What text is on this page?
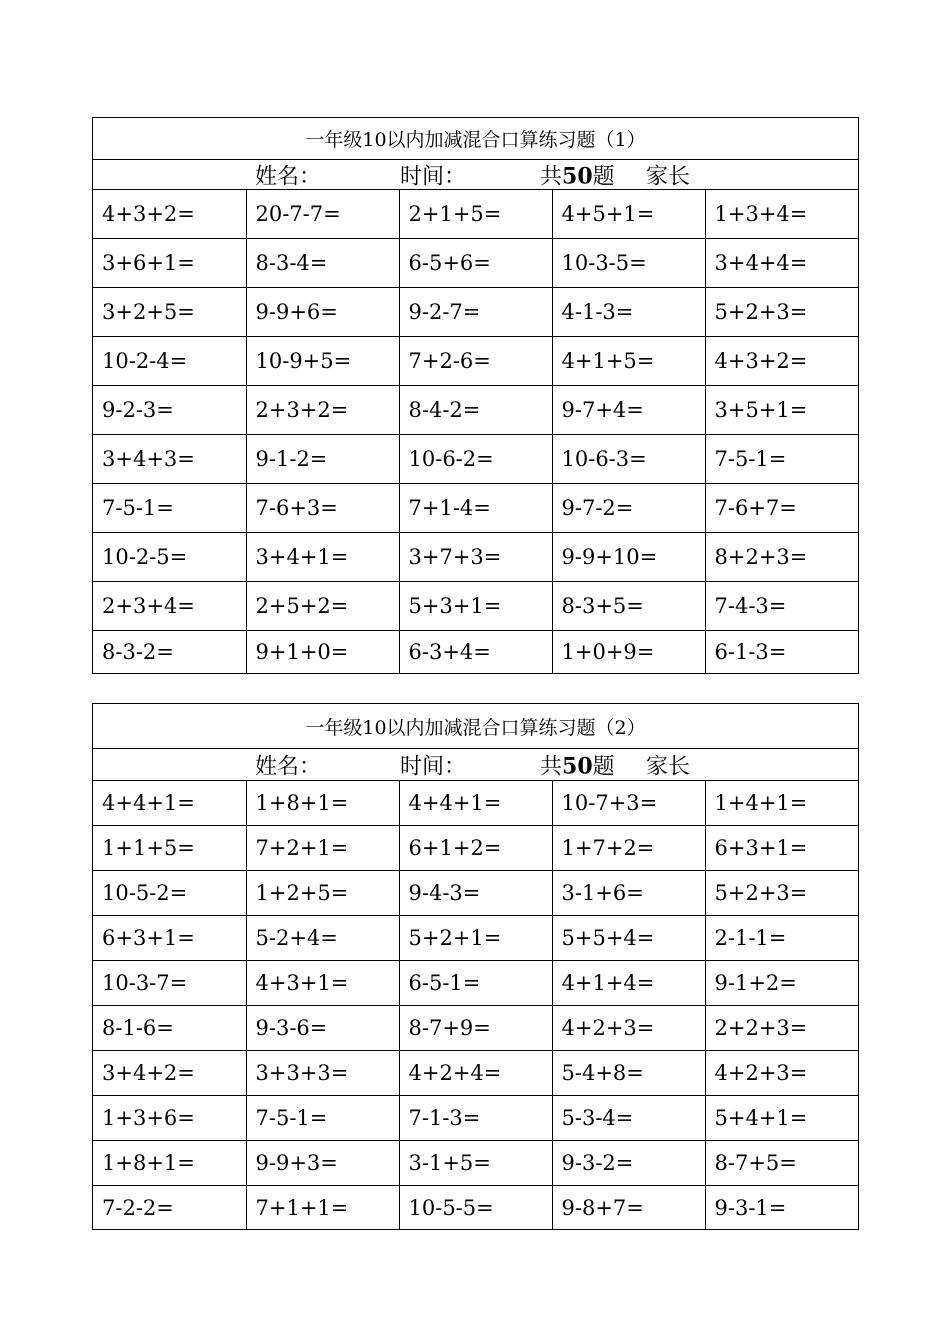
一年级10以内加减混合口算练习题（1）
姓名：	时间：	共50题 家长
4+3+2=	20-7-7=	2+1+5=	4+5+1=	1+3+4=
3+6+1=	8-3-4=	6-5+6=	10-3-5=	3+4+4=
3+2+5=	9-9+6=	9-2-7=	4-1-3=	5+2+3=
10-2-4=	10-9+5=	7+2-6=	4+1+5=	4+3+2=
9-2-3=	2+3+2=	8-4-2=	9-7+4=	3+5+1=
3+4+3=	9-1-2=	10-6-2=	10-6-3=	7-5-1=
7-5-1=	7-6+3=	7+1-4=	9-7-2=	7-6+7=
10-2-5=	3+4+1=	3+7+3=	9-9+10=	8+2+3=
2+3+4=	2+5+2=	5+3+1=	8-3+5=	7-4-3=
8-3-2=	9+1+0=	6-3+4=	1+0+9=	6-1-3=
一年级10以内加减混合口算练习题（2）
姓名：	时间：	共50题 家长
4+4+1=	1+8+1=	4+4+1=	10-7+3=	1+4+1=
1+1+5=	7+2+1=	6+1+2=	1+7+2=	6+3+1=
10-5-2=	1+2+5=	9-4-3=	3-1+6=	5+2+3=
6+3+1=	5-2+4=	5+2+1=	5+5+4=	2-1-1=
10-3-7=	4+3+1=	6-5-1=	4+1+4=	9-1+2=
8-1-6=	9-3-6=	8-7+9=	4+2+3=	2+2+3=
3+4+2=	3+3+3=	4+2+4=	5-4+8=	4+2+3=
1+3+6=	7-5-1=	7-1-3=	5-3-4=	5+4+1=
1+8+1=	9-9+3=	3-1+5=	9-3-2=	8-7+5=
7-2-2=	7+1+1=	10-5-5=	9-8+7=	9-3-1=
